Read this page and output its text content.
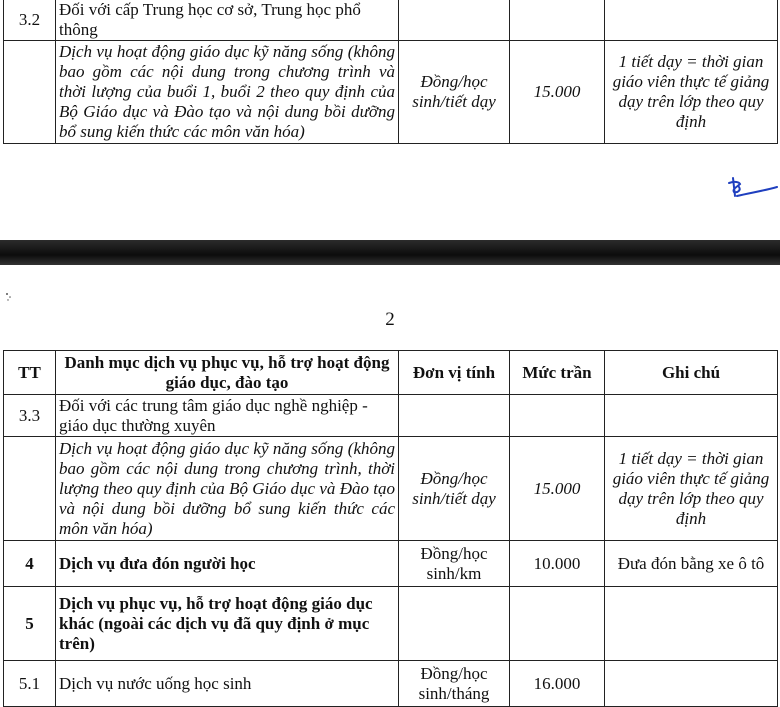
3.2	Đối với cấp Trung học cơ sở, Trung học phổ thông			
	Dịch vụ hoạt động giáo dục kỹ năng sống (không bao gồm các nội dung trong chương trình và thời lượng của buổi 1, buổi 2 theo quy định của Bộ Giáo dục và Đào tạo và nội dung bồi dưỡng bổ sung kiến thức các môn văn hóa)	Đồng/học sinh/tiết dạy	15.000	1 tiết dạy = thời gian giáo viên thực tế giảng dạy trên lớp theo quy định
2
TT	Danh mục dịch vụ phục vụ, hỗ trợ hoạt động giáo dục, đào tạo	Đơn vị tính	Mức trần	Ghi chú
3.3	Đối với các trung tâm giáo dục nghề nghiệp - giáo dục thường xuyên			
	Dịch vụ hoạt động giáo dục kỹ năng sống (không bao gồm các nội dung trong chương trình, thời lượng theo quy định của Bộ Giáo dục và Đào tạo và nội dung bồi dưỡng bổ sung kiến thức các môn văn hóa)	Đồng/học sinh/tiết dạy	15.000	1 tiết dạy = thời gian giáo viên thực tế giảng dạy trên lớp theo quy định
4	Dịch vụ đưa đón người học	Đồng/học sinh/km	10.000	Đưa đón bằng xe ô tô
5	Dịch vụ phục vụ, hỗ trợ hoạt động giáo dục khác (ngoài các dịch vụ đã quy định ở mục trên)			
5.1	Dịch vụ nước uống học sinh	Đồng/học sinh/tháng	16.000	
